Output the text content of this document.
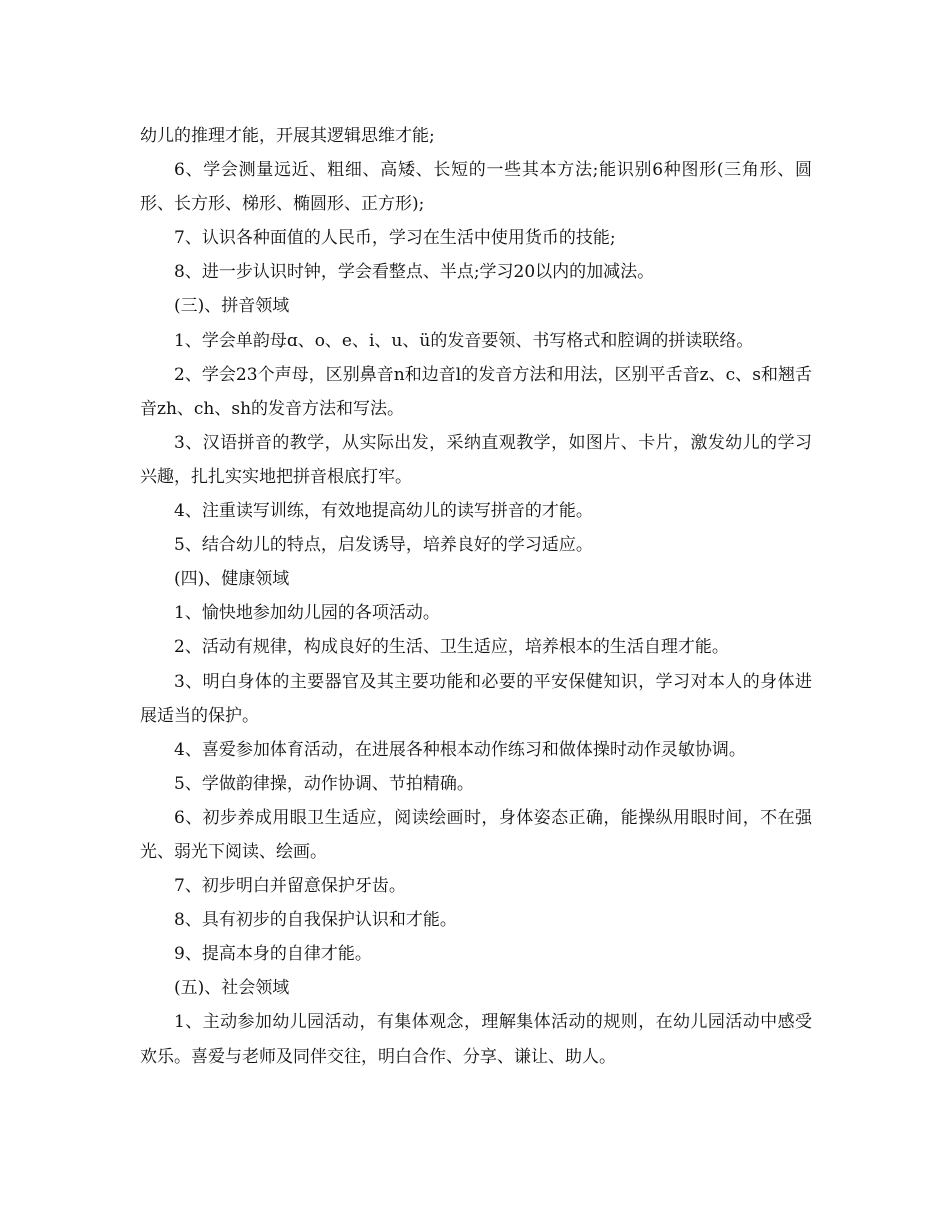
幼儿的推理才能，开展其逻辑思维才能;

6、学会测量远近、粗细、高矮、长短的一些其本方法;能识别6种图形(三角形、圆形、长方形、梯形、椭圆形、正方形);

7、认识各种面值的人民币，学习在生活中使用货币的技能;

8、进一步认识时钟，学会看整点、半点;学习20以内的加减法。

(三)、拼音领域

1、学会单韵母ɑ、o、e、i、u、ü的发音要领、书写格式和腔调的拼读联络。

2、学会23个声母，区别鼻音n和边音l的发音方法和用法，区别平舌音z、c、s和翘舌音zh、ch、sh的发音方法和写法。

3、汉语拼音的教学，从实际出发，采纳直观教学，如图片、卡片，激发幼儿的学习兴趣，扎扎实实地把拼音根底打牢。

4、注重读写训练，有效地提高幼儿的读写拼音的才能。

5、结合幼儿的特点，启发诱导，培养良好的学习适应。

(四)、健康领域

1、愉快地参加幼儿园的各项活动。

2、活动有规律，构成良好的生活、卫生适应，培养根本的生活自理才能。

3、明白身体的主要器官及其主要功能和必要的平安保健知识，学习对本人的身体进展适当的保护。

4、喜爱参加体育活动，在进展各种根本动作练习和做体操时动作灵敏协调。

5、学做韵律操，动作协调、节拍精确。

6、初步养成用眼卫生适应，阅读绘画时，身体姿态正确，能操纵用眼时间，不在强光、弱光下阅读、绘画。

7、初步明白并留意保护牙齿。

8、具有初步的自我保护认识和才能。

9、提高本身的自律才能。

(五)、社会领域

1、主动参加幼儿园活动，有集体观念，理解集体活动的规则，在幼儿园活动中感受欢乐。喜爱与老师及同伴交往，明白合作、分享、谦让、助人。
